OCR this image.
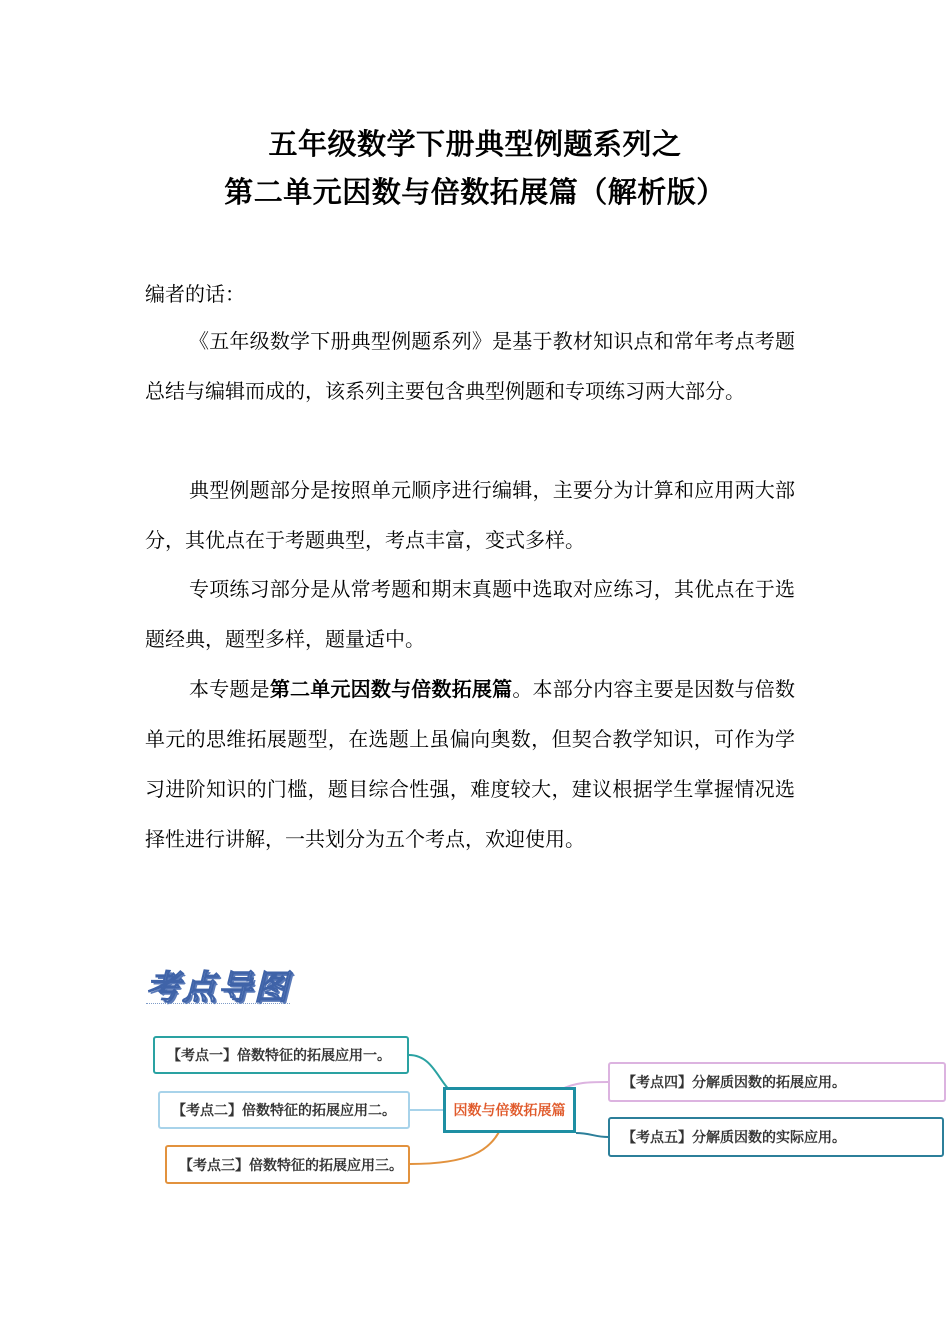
五年级数学下册典型例题系列之
第二单元因数与倍数拓展篇（解析版）
编者的话：

《五年级数学下册典型例题系列》是基于教材知识点和常年考点考题总结与编辑而成的，该系列主要包含典型例题和专项练习两大部分。

典型例题部分是按照单元顺序进行编辑，主要分为计算和应用两大部分，其优点在于考题典型，考点丰富，变式多样。

专项练习部分是从常考题和期末真题中选取对应练习，其优点在于选题经典，题型多样，题量适中。

本专题是第二单元因数与倍数拓展篇。本部分内容主要是因数与倍数单元的思维拓展题型，在选题上虽偏向奥数，但契合教学知识，可作为学习进阶知识的门槛，题目综合性强，难度较大，建议根据学生掌握情况选择性进行讲解，一共划分为五个考点，欢迎使用。

考点导图
【考点一】倍数特征的拓展应用一。
【考点二】倍数特征的拓展应用二。
【考点三】倍数特征的拓展应用三。
因数与倍数拓展篇
【考点四】分解质因数的拓展应用。
【考点五】分解质因数的实际应用。
